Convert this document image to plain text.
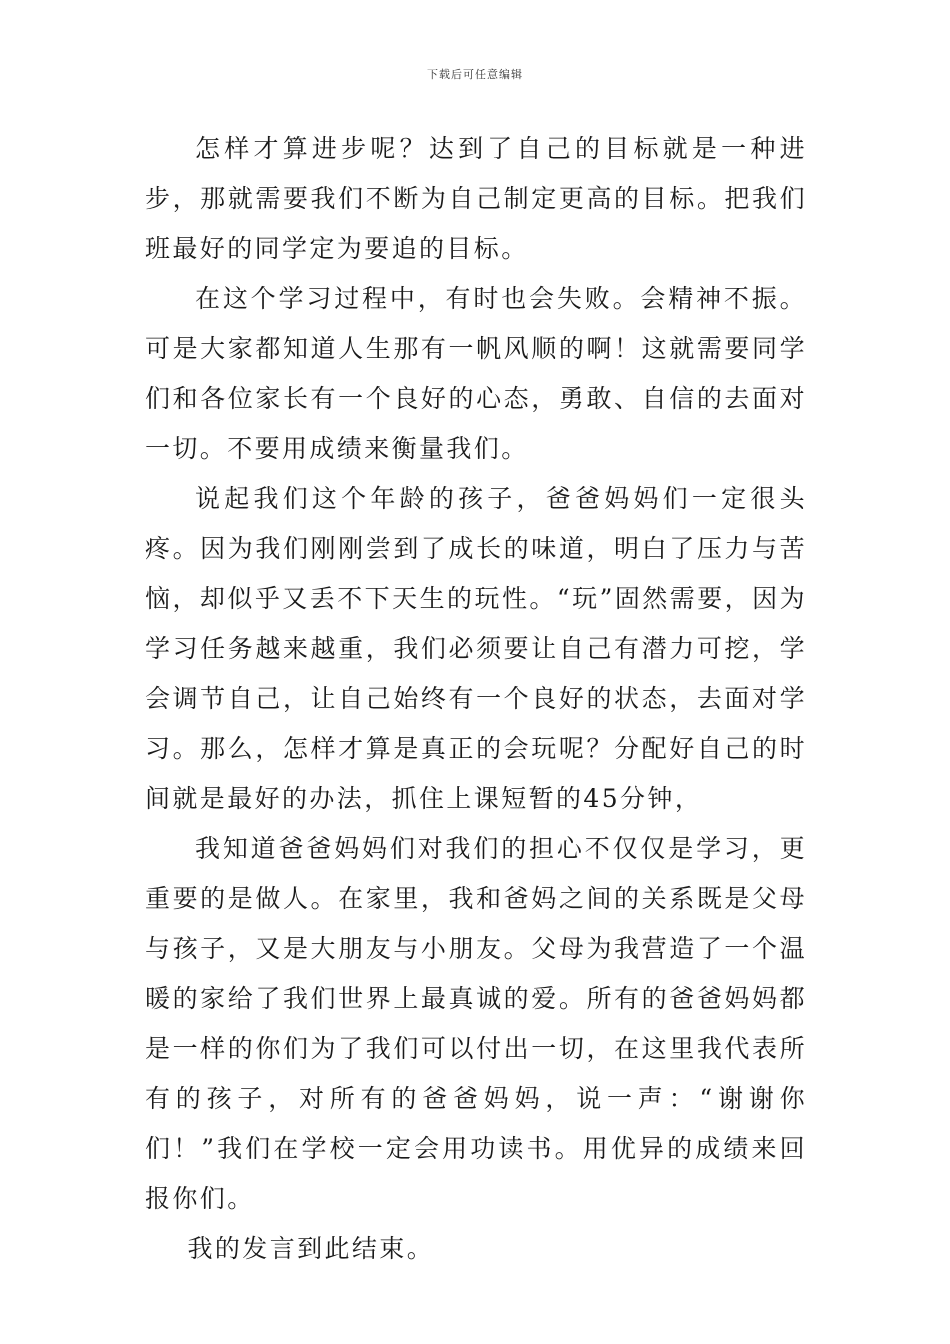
下载后可任意编辑

怎样才算进步呢？达到了自己的目标就是一种进步，那就需要我们不断为自己制定更高的目标。把我们班最好的同学定为要追的目标。

在这个学习过程中，有时也会失败。会精神不振。可是大家都知道人生那有一帆风顺的啊！这就需要同学们和各位家长有一个良好的心态，勇敢、自信的去面对一切。不要用成绩来衡量我们。

说起我们这个年龄的孩子，爸爸妈妈们一定很头疼。因为我们刚刚尝到了成长的味道，明白了压力与苦恼，却似乎又丢不下天生的玩性。“玩”固然需要，因为学习任务越来越重，我们必须要让自己有潜力可挖，学会调节自己，让自己始终有一个良好的状态，去面对学习。那么，怎样才算是真正的会玩呢？分配好自己的时间就是最好的办法，抓住上课短暂的45分钟，

我知道爸爸妈妈们对我们的担心不仅仅是学习，更重要的是做人。在家里，我和爸妈之间的关系既是父母与孩子，又是大朋友与小朋友。父母为我营造了一个温暖的家给了我们世界上最真诚的爱。所有的爸爸妈妈都是一样的你们为了我们可以付出一切，在这里我代表所有的孩子，对所有的爸爸妈妈，说一声：“谢谢你们！”我们在学校一定会用功读书。用优异的成绩来回报你们。

我的发言到此结束。
